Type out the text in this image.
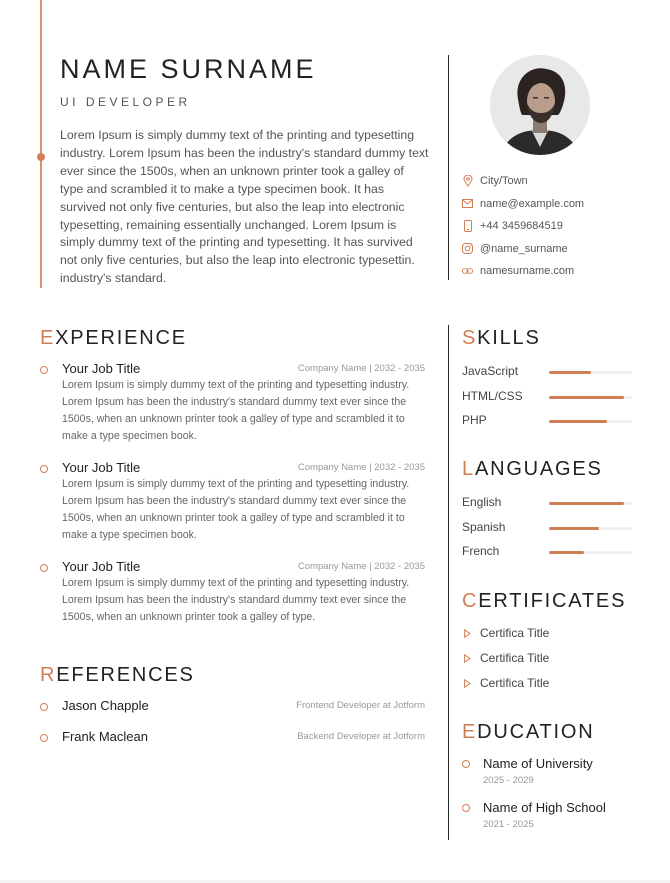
NAME SURNAME
UI DEVELOPER

Lorem Ipsum is simply dummy text of the printing and typesetting industry. Lorem Ipsum has been the industry's standard dummy text ever since the 1500s, when an unknown printer took a galley of type and scrambled it to make a type specimen book. It has survived not only five centuries, but also the leap into electronic typesetting, remaining essentially unchanged. Lorem Ipsum is simply dummy text of the printing and typesetting. It has survived not only five centuries, but also the leap into electronic typesettin. industry's standard.

City/Town
name@example.com
+44 3459684519
@name_surname
namesurname.com
EXPERIENCE
Your Job Title	Company Name | 2032 - 2035

Lorem Ipsum is simply dummy text of the printing and typesetting industry. Lorem Ipsum has been the industry's standard dummy text ever since the 1500s, when an unknown printer took a galley of type and scrambled it to make a type specimen book.

Your Job Title	Company Name | 2032 - 2035

Lorem Ipsum is simply dummy text of the printing and typesetting industry. Lorem Ipsum has been the industry's standard dummy text ever since the 1500s, when an unknown printer took a galley of type and scrambled it to make a type specimen book.

Your Job Title	Company Name | 2032 - 2035

Lorem Ipsum is simply dummy text of the printing and typesetting industry. Lorem Ipsum has been the industry's standard dummy text ever since the 1500s, when an unknown printer took a galley of type.

REFERENCES
Jason Chapple	Frontend Developer at Jotform
Frank Maclean	Backend Developer at Jotform
SKILLS
JavaScript
HTML/CSS
PHP
LANGUAGES
English
Spanish
French
CERTIFICATES
Certifica Title
Certifica Title
Certifica Title
EDUCATION
Name of University
2025 - 2029
Name of High School
2021 - 2025
